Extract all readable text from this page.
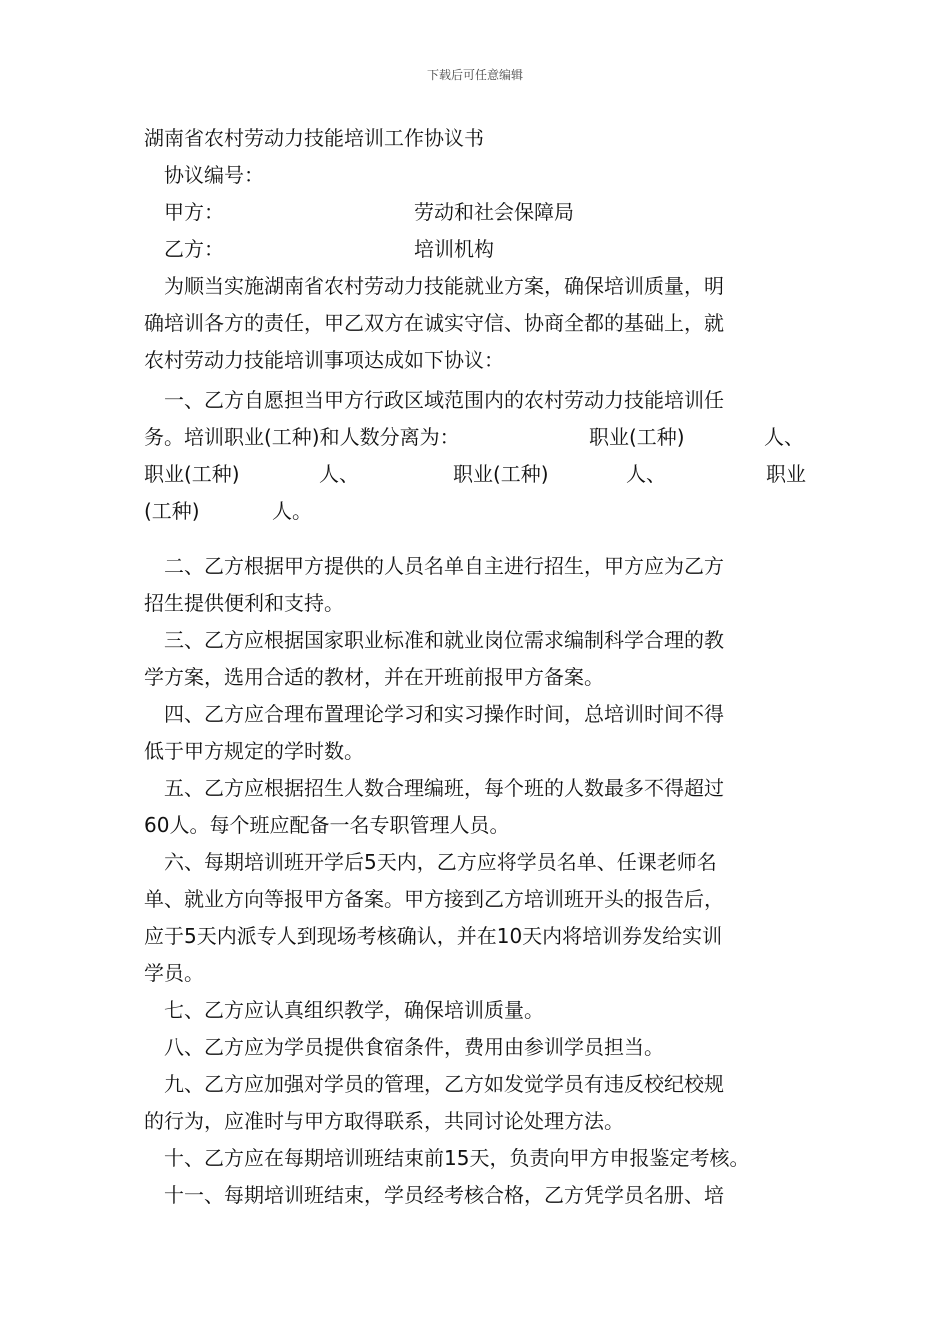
下载后可任意编辑
湖南省农村劳动力技能培训工作协议书
协议编号：
甲方：	劳动和社会保障局
乙方：	培训机构
为顺当实施湖南省农村劳动力技能就业方案，确保培训质量，明
确培训各方的责任，甲乙双方在诚实守信、协商全都的基础上，就
农村劳动力技能培训事项达成如下协议：
一、乙方自愿担当甲方行政区域范围内的农村劳动力技能培训任
务。培训职业(工种)和人数分离为：	职业(工种)	人、
职业(工种)	人、	职业(工种)	人、	职业
(工种)	人。
二、乙方根据甲方提供的人员名单自主进行招生，甲方应为乙方
招生提供便利和支持。
三、乙方应根据国家职业标准和就业岗位需求编制科学合理的教
学方案，选用合适的教材，并在开班前报甲方备案。
四、乙方应合理布置理论学习和实习操作时间，总培训时间不得
低于甲方规定的学时数。
五、乙方应根据招生人数合理编班，每个班的人数最多不得超过
60人。每个班应配备一名专职管理人员。
六、每期培训班开学后5天内，乙方应将学员名单、任课老师名
单、就业方向等报甲方备案。甲方接到乙方培训班开头的报告后，
应于5天内派专人到现场考核确认，并在10天内将培训券发给实训
学员。
七、乙方应认真组织教学，确保培训质量。
八、乙方应为学员提供食宿条件，费用由参训学员担当。
九、乙方应加强对学员的管理，乙方如发觉学员有违反校纪校规
的行为，应准时与甲方取得联系，共同讨论处理方法。
十、乙方应在每期培训班结束前15天，负责向甲方申报鉴定考核。
十一、每期培训班结束，学员经考核合格，乙方凭学员名册、培
